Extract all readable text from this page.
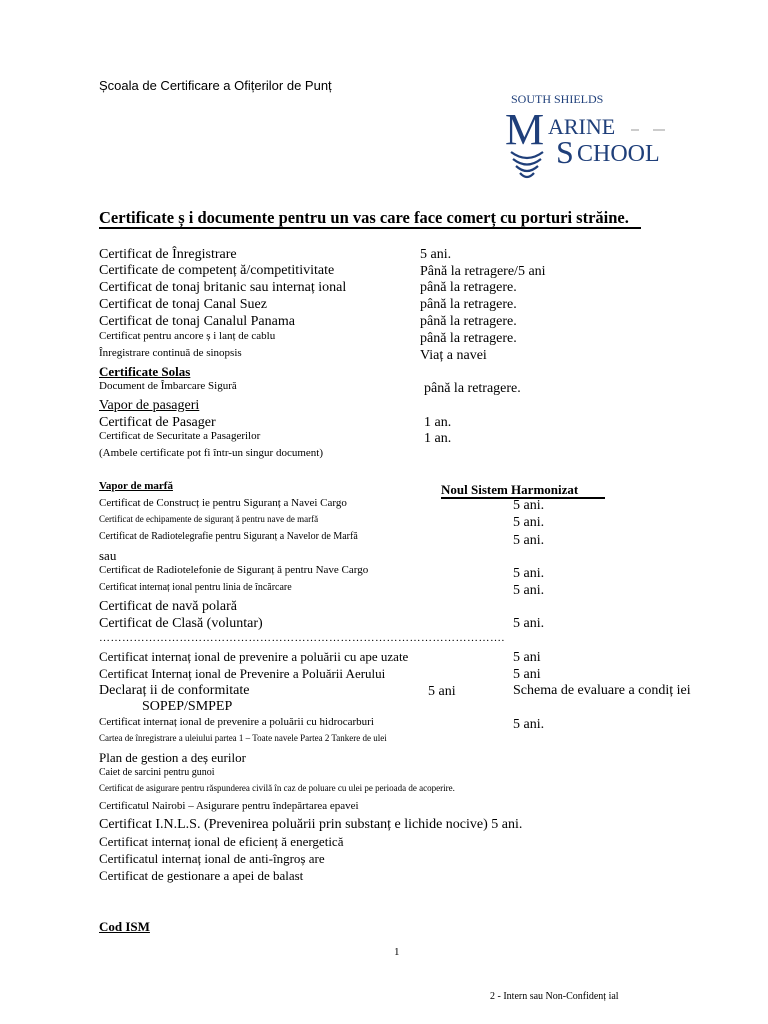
Școala de Certificare a Ofițerilor de Punț
SOUTH SHIELDS
M ARINE
S CHOOL
Certificate ș i documente pentru un vas care face comerț cu porturi străine.
Certificat de Înregistrare	5 ani.
Certificate de competenț ă/competitivitate	Până la retragere/5 ani
Certificat de tonaj britanic sau internaț ional	până la retragere.
Certificat de tonaj Canal Suez	până la retragere.
Certificat de tonaj Canalul Panama	până la retragere.
Certificat pentru ancore ș i lanț de cablu	până la retragere.
Înregistrare continuă de sinopsis	Viaț a navei
Certificate Solas
Document de Îmbarcare Sigură	până la retragere.
Vapor de pasageri
Certificat de Pasager	1 an.
Certificat de Securitate a Pasagerilor	1 an.
(Ambele certificate pot fi într-un singur document)
Vapor de marfă	Noul Sistem Harmonizat
Certificat de Construcț ie pentru Siguranț a Navei Cargo	5 ani.
Certificat de echipamente de siguranț ă pentru nave de marfă	5 ani.
Certificat de Radiotelegrafie pentru Siguranț a Navelor de Marfă	5 ani.
sau
Certificat de Radiotelefonie de Siguranț ă pentru Nave Cargo	5 ani.
Certificat internaț ional pentru linia de încărcare	5 ani.
Certificat de navă polară
Certificat de Clasă (voluntar)	5 ani.
…………………………………………………………………………………………….
Certificat internaț ional de prevenire a poluării cu ape uzate	5 ani
Certificat Internaț ional de Prevenire a Poluării Aerului	5 ani
Declaraț ii de conformitate	5 ani	Schema de evaluare a condiț iei
SOPEP/SMPEP
Certificat internaț ional de prevenire a poluării cu hidrocarburi	5 ani.
Cartea de înregistrare a uleiului partea 1 – Toate navele Partea 2 Tankere de ulei
Plan de gestion a deș eurilor
Caiet de sarcini pentru gunoi
Certificat de asigurare pentru răspunderea civilă în caz de poluare cu ulei pe perioada de acoperire.
Certificatul Nairobi – Asigurare pentru îndepărtarea epavei
Certificat I.N.L.S. (Prevenirea poluării prin substanț e lichide nocive) 5 ani.
Certificat internaț ional de eficienț ă energetică
Certificatul internaț ional de anti-îngroș are
Certificat de gestionare a apei de balast
Cod ISM
1
2 - Intern sau Non-Confidenț ial
